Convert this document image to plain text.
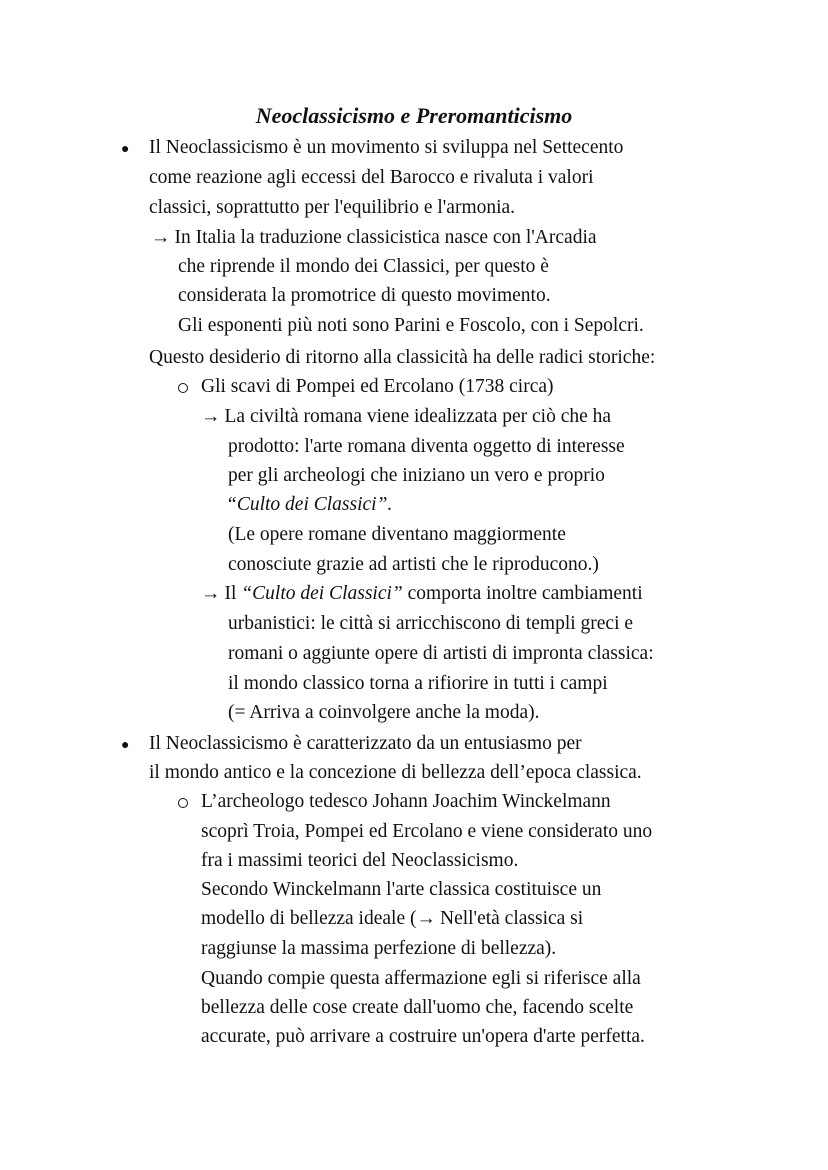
Neoclassicismo e Preromanticismo
● Il Neoclassicismo è un movimento si sviluppa nel Settecento
come reazione agli eccessi del Barocco e rivaluta i valori
classici, soprattutto per l'equilibrio e l'armonia.
→ In Italia la traduzione classicistica nasce con l'Arcadia
che riprende il mondo dei Classici, per questo è
considerata la promotrice di questo movimento.
Gli esponenti più noti sono Parini e Foscolo, con i Sepolcri.
Questo desiderio di ritorno alla classicità ha delle radici storiche:
Gli scavi di Pompei ed Ercolano (1738 circa)
→ La civiltà romana viene idealizzata per ciò che ha
prodotto: l'arte romana diventa oggetto di interesse
per gli archeologi che iniziano un vero e proprio
“Culto dei Classici”.
(Le opere romane diventano maggiormente
conosciute grazie ad artisti che le riproducono.)
→ Il “Culto dei Classici” comporta inoltre cambiamenti
urbanistici: le città si arricchiscono di templi greci e
romani o aggiunte opere di artisti di impronta classica:
il mondo classico torna a rifiorire in tutti i campi
(= Arriva a coinvolgere anche la moda).
● Il Neoclassicismo è caratterizzato da un entusiasmo per
il mondo antico e la concezione di bellezza dell’epoca classica.
L’archeologo tedesco Johann Joachim Winckelmann
scoprì Troia, Pompei ed Ercolano e viene considerato uno
fra i massimi teorici del Neoclassicismo.
Secondo Winckelmann l'arte classica costituisce un
modello di bellezza ideale (→ Nell'età classica si
raggiunse la massima perfezione di bellezza).
Quando compie questa affermazione egli si riferisce alla
bellezza delle cose create dall'uomo che, facendo scelte
accurate, può arrivare a costruire un'opera d'arte perfetta.
